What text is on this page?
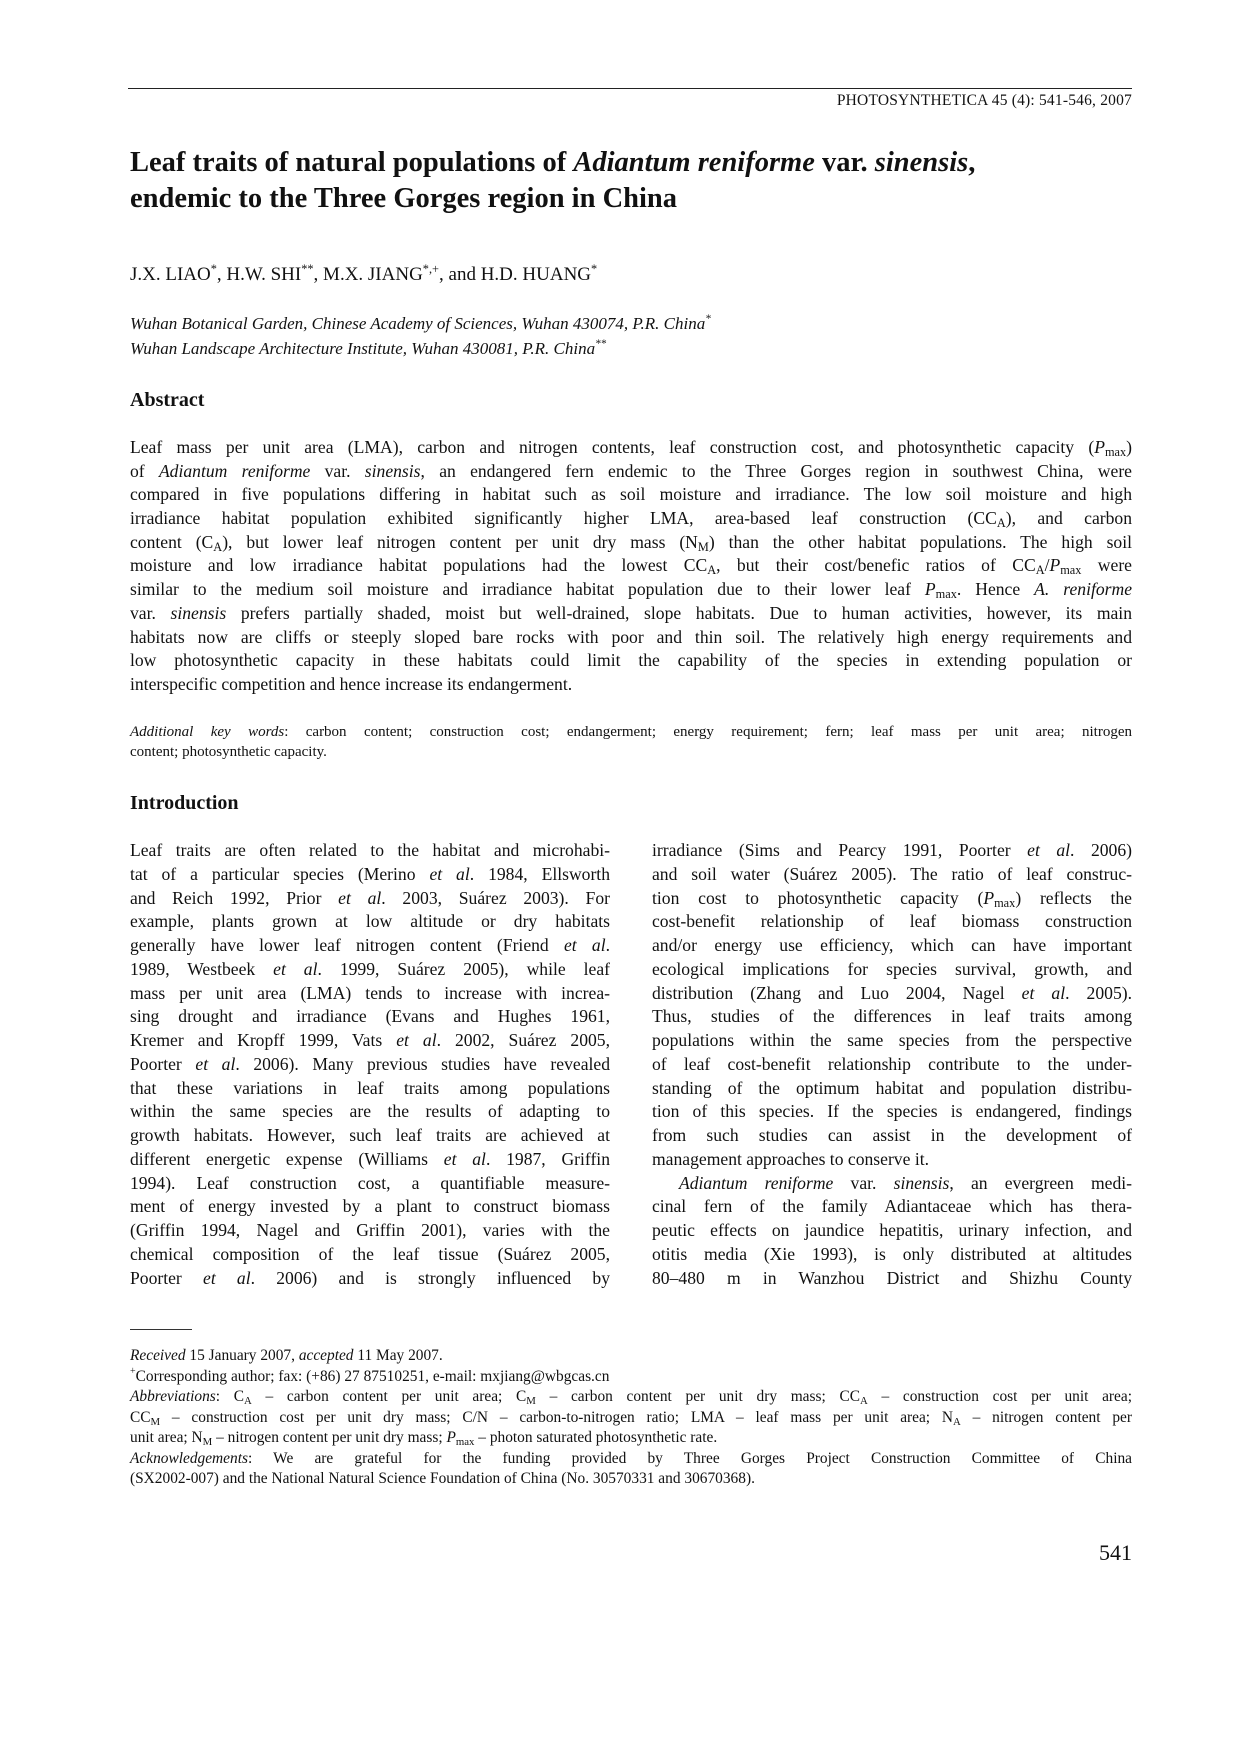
PHOTOSYNTHETICA 45 (4): 541-546, 2007
Leaf traits of natural populations of Adiantum reniforme var. sinensis,
endemic to the Three Gorges region in China
J.X. LIAO*, H.W. SHI**, M.X. JIANG*,+, and H.D. HUANG*
Wuhan Botanical Garden, Chinese Academy of Sciences, Wuhan 430074, P.R. China*
Wuhan Landscape Architecture Institute, Wuhan 430081, P.R. China**
Abstract
Leaf mass per unit area (LMA), carbon and nitrogen contents, leaf construction cost, and photosynthetic capacity $(P_{max})$
of Adiantum reniforme var. sinensis, an endangered fern endemic to the Three Gorges region in southwest China, were
compared in five populations differing in habitat such as soil moisture and irradiance. The low soil moisture and high
irradiance habitat population exhibited significantly higher LMA, area-based leaf construction $(CC_A)$, and carbon
content $(C_A)$, but lower leaf nitrogen content per unit dry mass $(N_M)$ than the other habitat populations. The high soil
moisture and low irradiance habitat populations had the lowest $CC_A$, but their cost/benefic ratios of $CC_A/P_{max}$ were
similar to the medium soil moisture and irradiance habitat population due to their lower leaf $P_{max}$. Hence A. reniforme
var. sinensis prefers partially shaded, moist but well-drained, slope habitats. Due to human activities, however, its main
habitats now are cliffs or steeply sloped bare rocks with poor and thin soil. The relatively high energy requirements and
low photosynthetic capacity in these habitats could limit the capability of the species in extending population or
interspecific competition and hence increase its endangerment.
Additional key words: carbon content; construction cost; endangerment; energy requirement; fern; leaf mass per unit area; nitrogen
content; photosynthetic capacity.
Introduction
Leaf traits are often related to the habitat and microhabi-
tat of a particular species (Merino et al. 1984, Ellsworth
and Reich 1992, Prior et al. 2003, Suárez 2003). For
example, plants grown at low altitude or dry habitats
generally have lower leaf nitrogen content (Friend et al.
1989, Westbeek et al. 1999, Suárez 2005), while leaf
mass per unit area (LMA) tends to increase with increa-
sing drought and irradiance (Evans and Hughes 1961,
Kremer and Kropff 1999, Vats et al. 2002, Suárez 2005,
Poorter et al. 2006). Many previous studies have revealed
that these variations in leaf traits among populations
within the same species are the results of adapting to
growth habitats. However, such leaf traits are achieved at
different energetic expense (Williams et al. 1987, Griffin
1994). Leaf construction cost, a quantifiable measure-
ment of energy invested by a plant to construct biomass
(Griffin 1994, Nagel and Griffin 2001), varies with the
chemical composition of the leaf tissue (Suárez 2005,
Poorter et al. 2006) and is strongly influenced by
irradiance (Sims and Pearcy 1991, Poorter et al. 2006)
and soil water (Suárez 2005). The ratio of leaf construc-
tion cost to photosynthetic capacity $(P_{max})$ reflects the
cost-benefit relationship of leaf biomass construction
and/or energy use efficiency, which can have important
ecological implications for species survival, growth, and
distribution (Zhang and Luo 2004, Nagel et al. 2005).
Thus, studies of the differences in leaf traits among
populations within the same species from the perspective
of leaf cost-benefit relationship contribute to the under-
standing of the optimum habitat and population distribu-
tion of this species. If the species is endangered, findings
from such studies can assist in the development of
management approaches to conserve it.
Adiantum reniforme var. sinensis, an evergreen medi-
cinal fern of the family Adiantaceae which has thera-
peutic effects on jaundice hepatitis, urinary infection, and
otitis media (Xie 1993), is only distributed at altitudes
80–480 m in Wanzhou District and Shizhu County
Received 15 January 2007, accepted 11 May 2007.
+Corresponding author; fax: (+86) 27 87510251, e-mail: mxjiang@wbgcas.cn
Abbreviations: $C_A$ – carbon content per unit area; $C_M$ – carbon content per unit dry mass; $CC_A$ – construction cost per unit area;
$CC_M$ – construction cost per unit dry mass; C/N – carbon-to-nitrogen ratio; LMA – leaf mass per unit area; $N_A$ – nitrogen content per
unit area; $N_M$ – nitrogen content per unit dry mass; $P_{max}$ – photon saturated photosynthetic rate.
Acknowledgements: We are grateful for the funding provided by Three Gorges Project Construction Committee of China
(SX2002-007) and the National Natural Science Foundation of China (No. 30570331 and 30670368).
541
